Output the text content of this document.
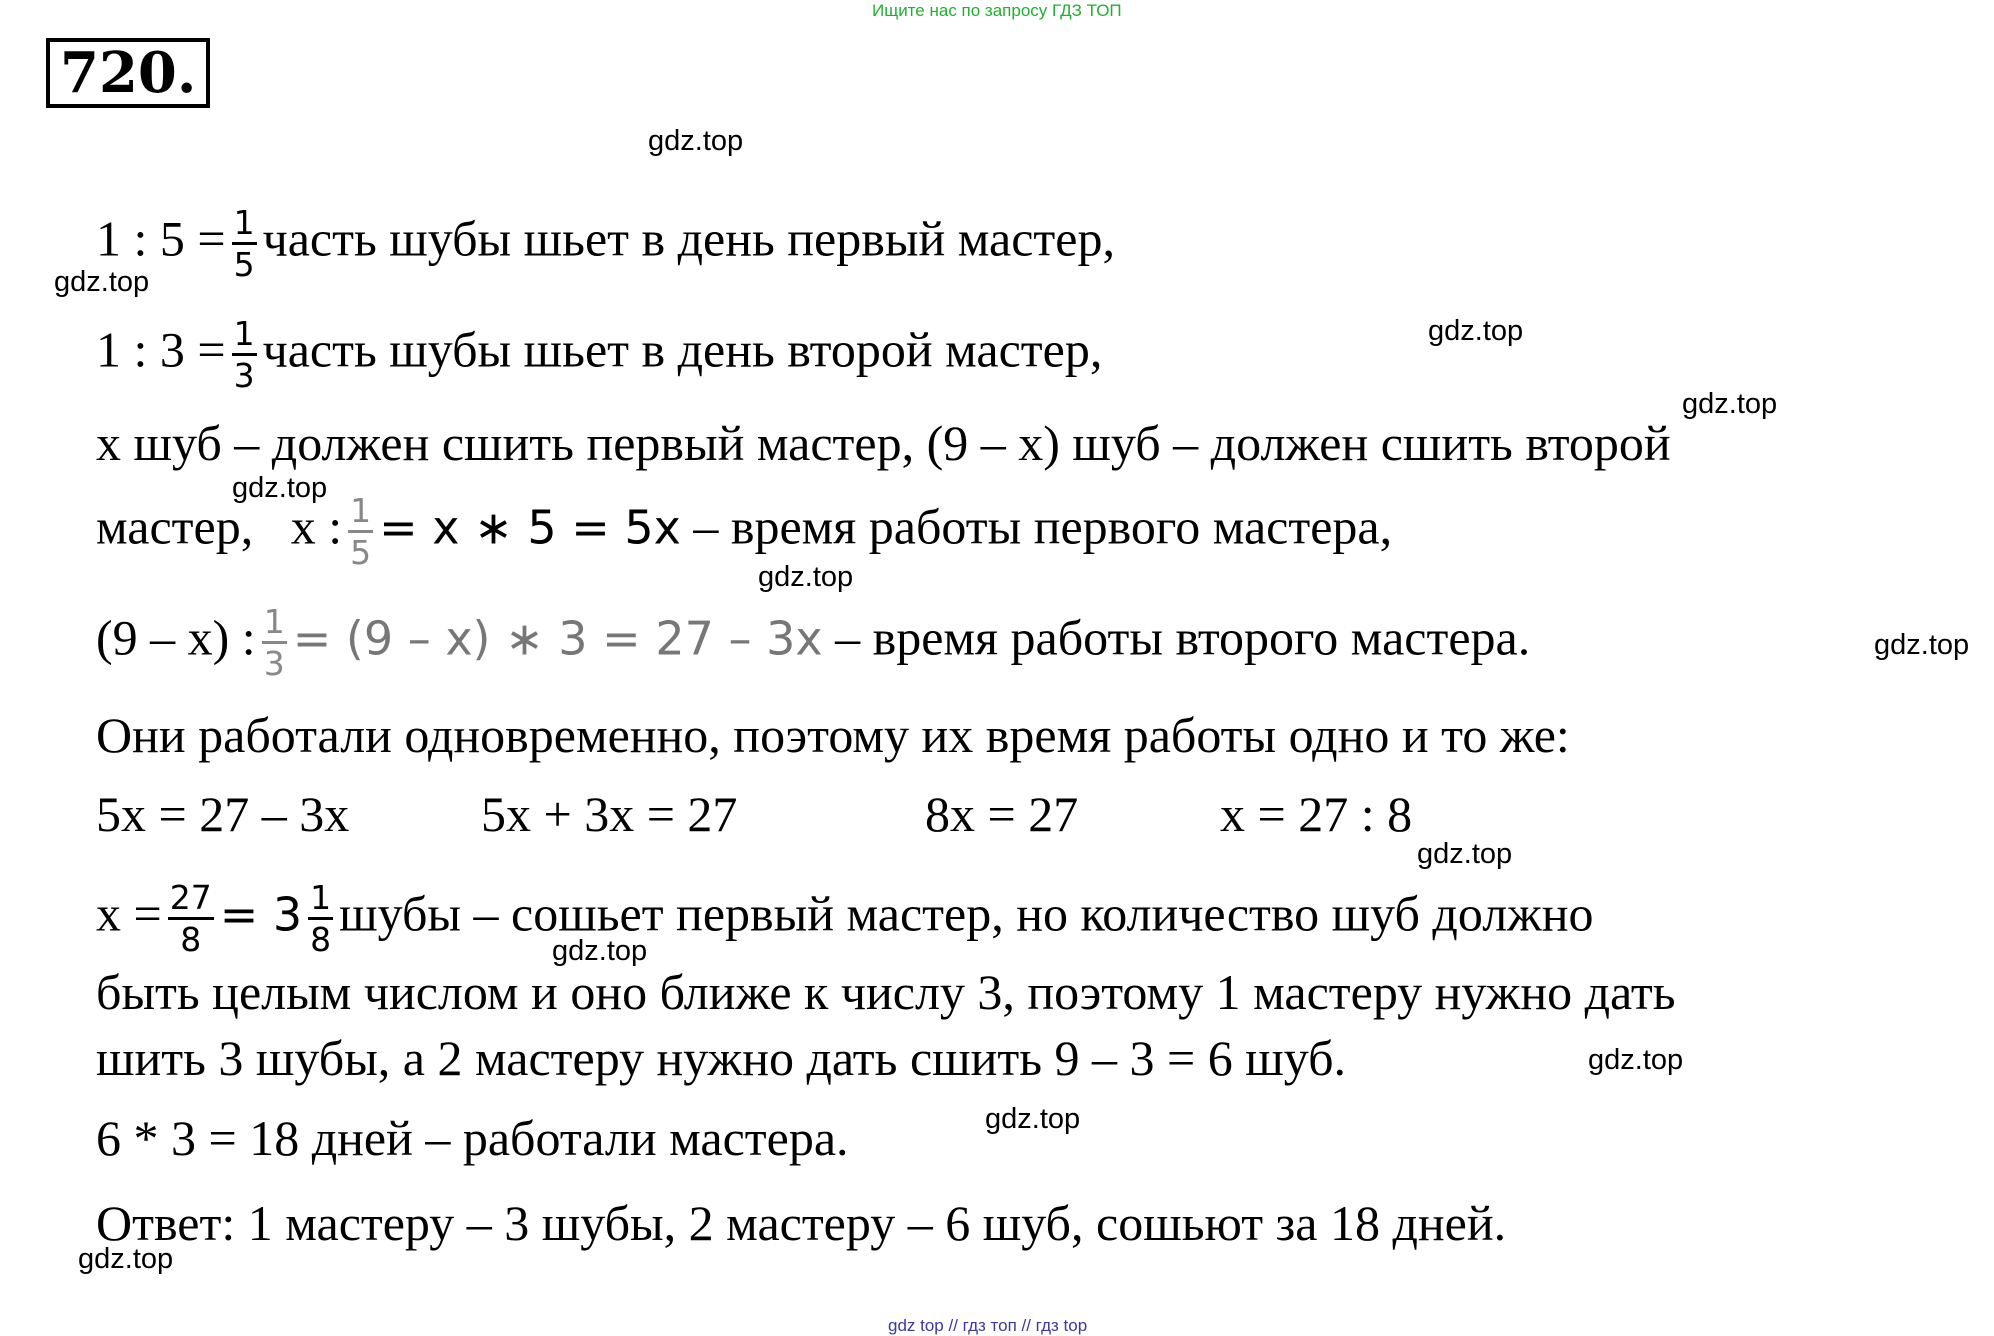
Ищите нас по запросу ГДЗ ТОП
720.
gdz.top
gdz.top
gdz.top
gdz.top
gdz.top
gdz.top
gdz.top
gdz.top
gdz.top
gdz.top
gdz.top
gdz.top
1 : $5 = \frac{1}{5}$ часть шубы шьет в день первый мастер,
1 : $3 = \frac{1}{3}$ часть шубы шьет в день второй мастер,
х шуб – должен сшить первый мастер, (9 – х) шуб – должен сшить второй
мастер, x : $\frac{1}{5} = x$ ∗ 5 = 5x – время работы первого мастера,
(9 – х) : $\frac{1}{3} = (9 - x)$ ∗ 3 = 27 – 3x – время работы второго мастера.
Они работали одновременно, поэтому их время работы одно и то же:
5х = 27 – 3х	5х + 3х = 27	8х = 27	х = 27 : 8
$х = \frac{27}{8} = 3 \frac{1}{8}$ шубы – сошьет первый мастер, но количество шуб должно
быть целым числом и оно ближе к числу 3, поэтому 1 мастеру нужно дать
шить 3 шубы, а 2 мастеру нужно дать сшить 9 – 3 = 6 шуб.
6 * 3 = 18 дней – работали мастера.
Ответ: 1 мастеру – 3 шубы, 2 мастеру – 6 шуб, сошьют за 18 дней.
gdz top // гдз топ // гдз top
